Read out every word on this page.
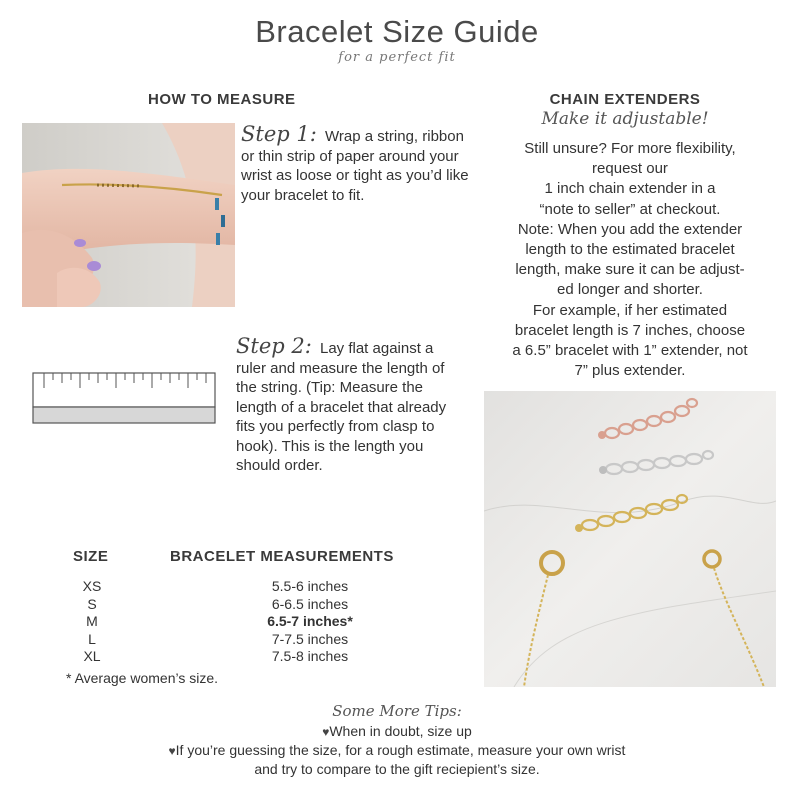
Bracelet Size Guide
for a perfect fit
HOW TO MEASURE
Step 1: Wrap a string, ribbon or thin strip of paper around your wrist as loose or tight as you’d like your bracelet to fit.
Step 2: Lay flat against a ruler and measure the length of the string. (Tip: Measure the length of a bracelet that already fits you perfectly from clasp to hook). This is the length you should order.
CHAIN EXTENDERS
Make it adjustable!
Still unsure? For more flexibility,
request our
1 inch chain extender in a
“note to seller” at checkout.
Note: When you add the extender
length to the estimated bracelet
length, make sure it can be adjust-
ed longer and shorter.
For example, if her estimated
bracelet length is 7 inches, choose
a 6.5” bracelet with 1” extender, not
7” plus extender.
SIZE	BRACELET MEASUREMENTS
XS	5.5-6 inches
S	6-6.5 inches
M	6.5-7 inches*
L	7-7.5 inches
XL	7.5-8 inches
* Average women’s size.
Some More Tips:
♥When in doubt, size up
♥If you’re guessing the size, for a rough estimate, measure your own wrist
and try to compare to the gift reciepient’s size.
